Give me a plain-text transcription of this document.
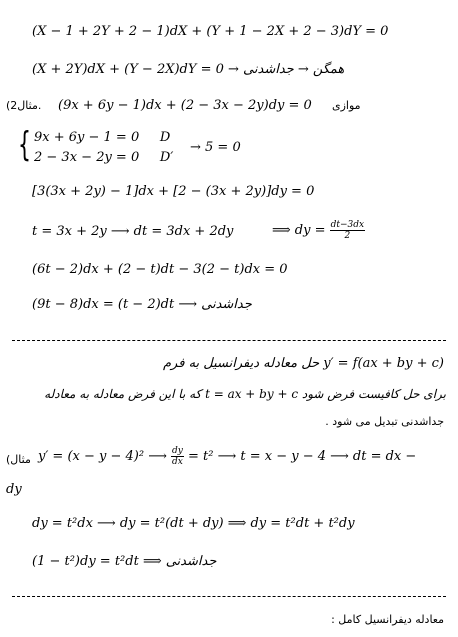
(X − 1 + 2Y + 2 − 1)dX + (Y + 1 − 2X + 2 − 3)dY = 0
(X + 2Y)dX + (Y − 2X)dY = 0 → همگن → جداشدنی
(مثال2. (9x + 6y − 1)dx + (2 − 3x − 2y)dy = 0 موازی
{ 9x + 6y − 1 = 0     D
2 − 3x − 2y = 0     D′
→ 5 = 0
[3(3x + 2y) − 1]dx + [2 − (3x + 2y)]dy = 0
t = 3x + 2y ⟶ dt = 3dx + 2dy	⟹ dy = $\frac{dt-3dx}{2}$
(6t − 2)dx + (2 − t)dt − 3(2 − t)dx = 0
(9t − 8)dx = (t − 2)dt ⟶ جداشدنی
y′ = f(ax + by + c) حل معادله دیفرانسیل به فرم
برای حل کافیست فرض شود t = ax + by + c که با این فرض معادله به معادله
جداشدنی تبدیل می شود .
(مثال y′ = (x − y − 4)² ⟶ $\frac{dy}{dx} = t^2$ ⟶ t = x − y − 4 ⟶ dt = dx −
dy
dy = t²dx ⟶ dy = t²(dt + dy) ⟹ dy = t²dt + t²dy
(1 − t²)dy = t²dt ⟹ جداشدنی
معادله دیفرانسیل کامل :
